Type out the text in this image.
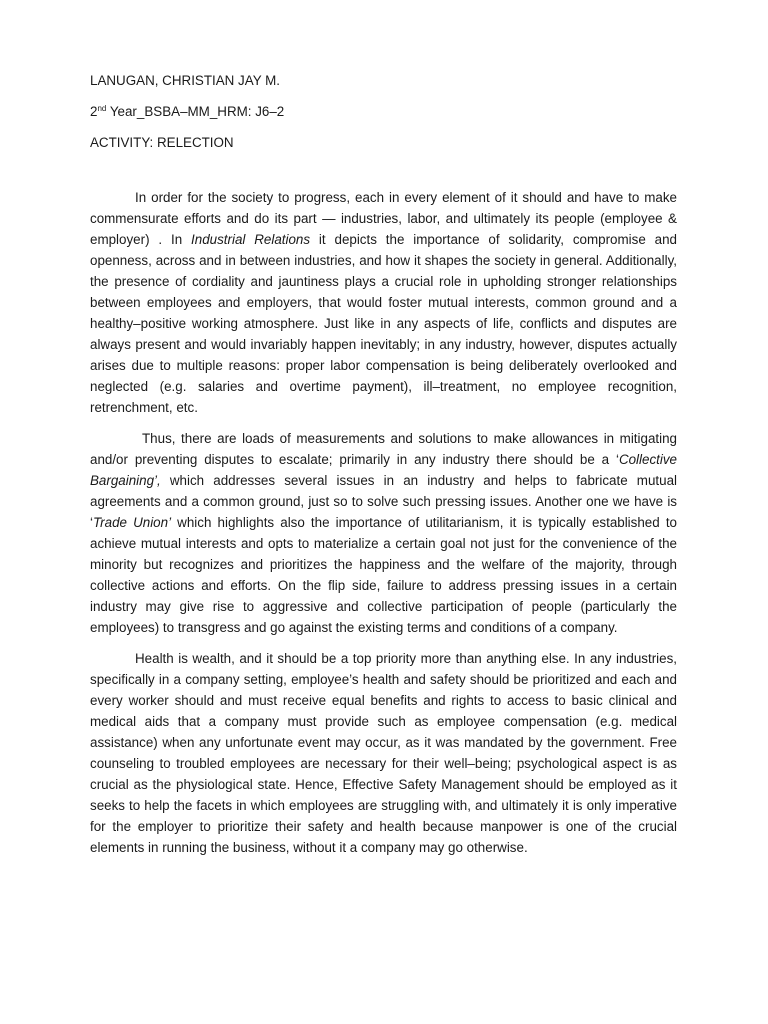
LANUGAN, CHRISTIAN JAY M.
2nd Year_BSBA–MM_HRM: J6–2
ACTIVITY: RELECTION

In order for the society to progress, each in every element of it should and have to make commensurate efforts and do its part — industries, labor, and ultimately its people (employee & employer) . In Industrial Relations it depicts the importance of solidarity, compromise and openness, across and in between industries, and how it shapes the society in general. Additionally, the presence of cordiality and jauntiness plays a crucial role in upholding stronger relationships between employees and employers, that would foster mutual interests, common ground and a healthy–positive working atmosphere. Just like in any aspects of life, conflicts and disputes are always present and would invariably happen inevitably; in any industry, however, disputes actually arises due to multiple reasons: proper labor compensation is being deliberately overlooked and neglected (e.g. salaries and overtime payment), ill–treatment, no employee recognition, retrenchment, etc.

Thus, there are loads of measurements and solutions to make allowances in mitigating and/or preventing disputes to escalate; primarily in any industry there should be a ‘Collective Bargaining’, which addresses several issues in an industry and helps to fabricate mutual agreements and a common ground, just so to solve such pressing issues. Another one we have is ‘Trade Union’ which highlights also the importance of utilitarianism, it is typically established to achieve mutual interests and opts to materialize a certain goal not just for the convenience of the minority but recognizes and prioritizes the happiness and the welfare of the majority, through collective actions and efforts. On the flip side, failure to address pressing issues in a certain industry may give rise to aggressive and collective participation of people (particularly the employees) to transgress and go against the existing terms and conditions of a company.

Health is wealth, and it should be a top priority more than anything else. In any industries, specifically in a company setting, employee’s health and safety should be prioritized and each and every worker should and must receive equal benefits and rights to access to basic clinical and medical aids that a company must provide such as employee compensation (e.g. medical assistance) when any unfortunate event may occur, as it was mandated by the government. Free counseling to troubled employees are necessary for their well–being; psychological aspect is as crucial as the physiological state. Hence, Effective Safety Management should be employed as it seeks to help the facets in which employees are struggling with, and ultimately it is only imperative for the employer to prioritize their safety and health because manpower is one of the crucial elements in running the business, without it a company may go otherwise.
